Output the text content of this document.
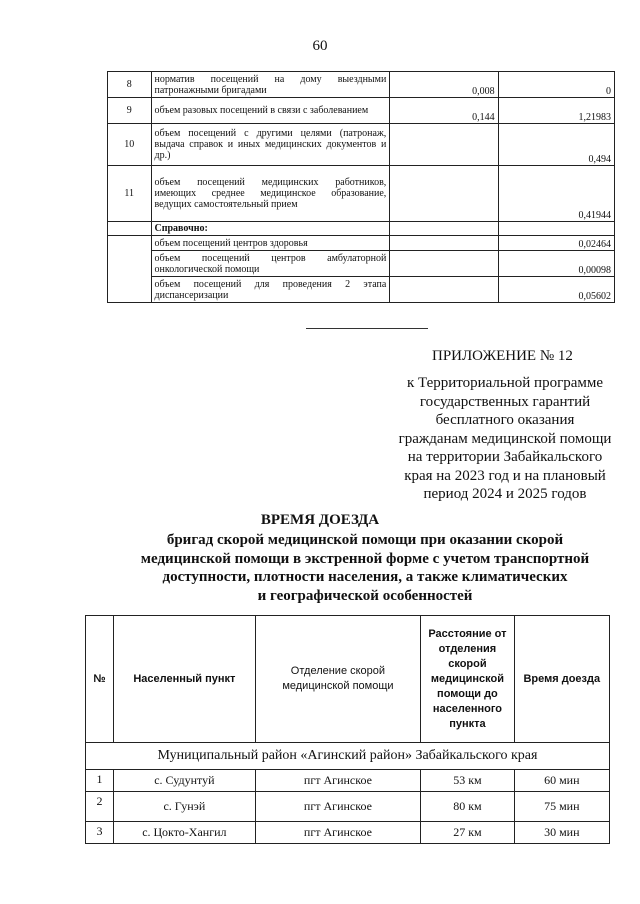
60
8	норматив посещений на дому выездными патронажными бригадами	0,008	0
9	объем разовых посещений в связи с заболеванием	0,144	1,21983
10	объем посещений с другими целями (патронаж, выдача справок и иных медицинских документов и др.)		0,494
11	объем посещений медицинских работников, имеющих среднее медицинское образование, ведущих самостоятельный прием		0,41944
	Справочно:		
	объем посещений центров здоровья		0,02464
	объем посещений центров амбулаторной онкологической помощи		0,00098
	объем посещений для проведения 2 этапа диспансеризации		0,05602
ПРИЛОЖЕНИЕ № 12
к Территориальной программе
государственных гарантий
бесплатного оказания
гражданам медицинской помощи
на территории Забайкальского
края на 2023 год и на плановый
период 2024 и 2025 годов
ВРЕМЯ ДОЕЗДА
бригад скорой медицинской помощи при оказании скорой
медицинской помощи в экстренной форме с учетом транспортной
доступности, плотности населения, а также климатических
и географической особенностей
№	Населенный пункт	Отделение скорой медицинской помощи	Расстояние от отделения скорой медицинской помощи до населенного пункта	Время доезда
Муниципальный район «Агинский район» Забайкальского края				
1	с. Судунтуй	пгт Агинское	53 км	60 мин
2	с. Гунэй	пгт Агинское	80 км	75 мин
3	с. Цокто-Хангил	пгт Агинское	27 км	30 мин
